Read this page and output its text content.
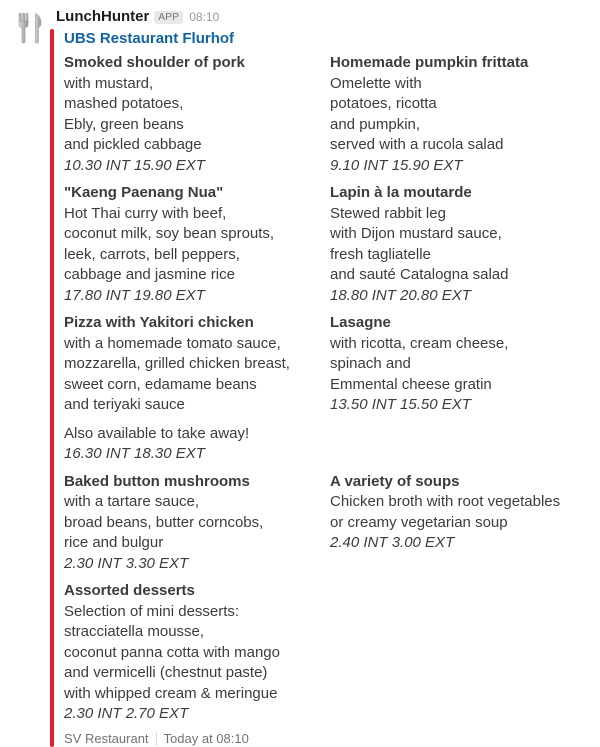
LunchHunter APP 08:10
UBS Restaurant Flurhof
Smoked shoulder of pork
with mustard,
mashed potatoes,
Ebly, green beans
and pickled cabbage
10.30 INT 15.90 EXT
Homemade pumpkin frittata
Omelette with
potatoes, ricotta
and pumpkin,
served with a rucola salad
9.10 INT 15.90 EXT
"Kaeng Paenang Nua"
Hot Thai curry with beef,
coconut milk, soy bean sprouts,
leek, carrots, bell peppers,
cabbage and jasmine rice
17.80 INT 19.80 EXT
Lapin à la moutarde
Stewed rabbit leg
with Dijon mustard sauce,
fresh tagliatelle
and sauté Catalogna salad
18.80 INT 20.80 EXT
Pizza with Yakitori chicken
with a homemade tomato sauce,
mozzarella, grilled chicken breast,
sweet corn, edamame beans
and teriyaki sauce
Also available to take away!
16.30 INT 18.30 EXT
Lasagne
with ricotta, cream cheese,
spinach and
Emmental cheese gratin
13.50 INT 15.50 EXT
Baked button mushrooms
with a tartare sauce,
broad beans, butter corncobs,
rice and bulgur
2.30 INT 3.30 EXT
A variety of soups
Chicken broth with root vegetables
or creamy vegetarian soup
2.40 INT 3.00 EXT
Assorted desserts
Selection of mini desserts:
stracciatella mousse,
coconut panna cotta with mango
and vermicelli (chestnut paste)
with whipped cream & meringue
2.30 INT 2.70 EXT
SV Restaurant Today at 08:10
